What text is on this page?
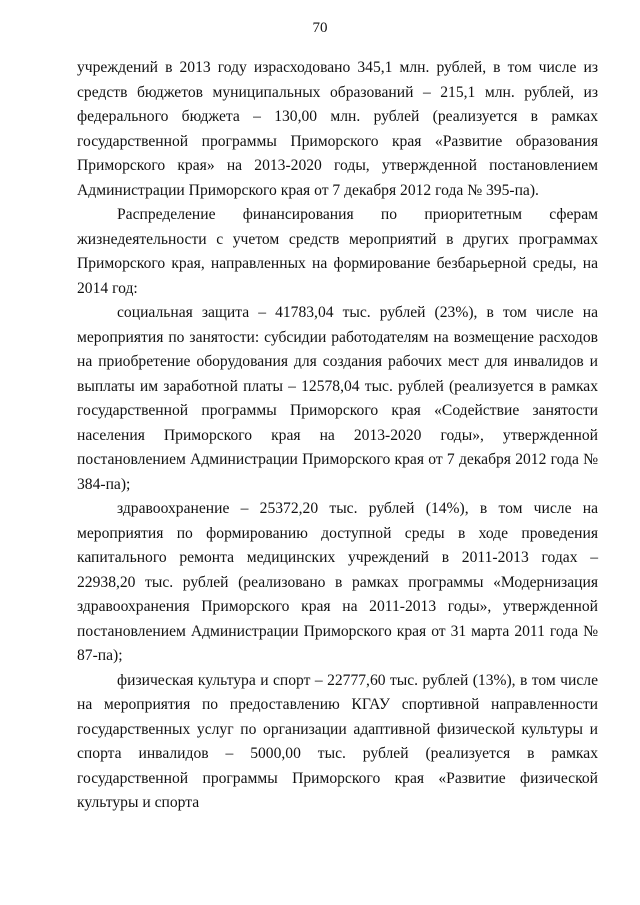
70

учреждений в 2013 году израсходовано 345,1 млн. рублей, в том числе из средств бюджетов муниципальных образований – 215,1 млн. рублей, из федерального бюджета – 130,00 млн. рублей (реализуется в рамках государственной программы Приморского края «Развитие образования Приморского края» на 2013-2020 годы, утвержденной постановлением Администрации Приморского края от 7 декабря 2012 года № 395-па).

Распределение финансирования по приоритетным сферам жизнедеятельности с учетом средств мероприятий в других программах Приморского края, направленных на формирование безбарьерной среды, на 2014 год:

социальная защита – 41783,04 тыс. рублей (23%), в том числе на мероприятия по занятости: субсидии работодателям на возмещение расходов на приобретение оборудования для создания рабочих мест для инвалидов и выплаты им заработной платы – 12578,04 тыс. рублей (реализуется в рамках государственной программы Приморского края «Содействие занятости населения Приморского края на 2013-2020 годы», утвержденной постановлением Администрации Приморского края от 7 декабря 2012 года № 384-па);

здравоохранение – 25372,20 тыс. рублей (14%), в том числе на мероприятия по формированию доступной среды в ходе проведения капитального ремонта медицинских учреждений в 2011-2013 годах – 22938,20 тыс. рублей (реализовано в рамках программы «Модернизация здравоохранения Приморского края на 2011-2013 годы», утвержденной постановлением Администрации Приморского края от 31 марта 2011 года № 87-па);

физическая культура и спорт – 22777,60 тыс. рублей (13%), в том числе на мероприятия по предоставлению КГАУ спортивной направленности государственных услуг по организации адаптивной физической культуры и спорта инвалидов – 5000,00 тыс. рублей (реализуется в рамках государственной программы Приморского края «Развитие физической культуры и спорта
